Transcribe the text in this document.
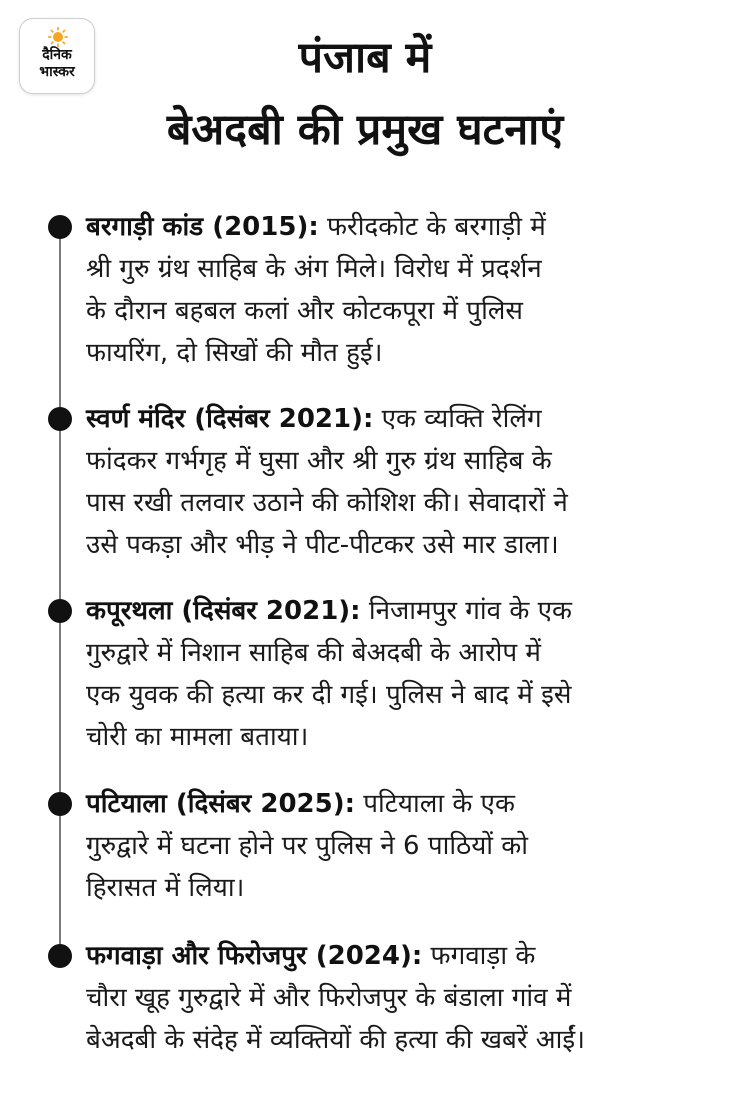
दैनिक
भास्कर	पंजाब में
बेअदबी की प्रमुख घटनाएं
बरगाड़ी कांड (2015): फरीदकोट के बरगाड़ी में
श्री गुरु ग्रंथ साहिब के अंग मिले। विरोध में प्रदर्शन
के दौरान बहबल कलां और कोटकपूरा में पुलिस
फायरिंग, दो सिखों की मौत हुई।
स्वर्ण मंदिर (दिसंबर 2021): एक व्यक्ति रेलिंग
फांदकर गर्भगृह में घुसा और श्री गुरु ग्रंथ साहिब के
पास रखी तलवार उठाने की कोशिश की। सेवादारों ने
उसे पकड़ा और भीड़ ने पीट-पीटकर उसे मार डाला।
कपूरथला (दिसंबर 2021): निजामपुर गांव के एक
गुरुद्वारे में निशान साहिब की बेअदबी के आरोप में
एक युवक की हत्या कर दी गई। पुलिस ने बाद में इसे
चोरी का मामला बताया।
पटियाला (दिसंबर 2025): पटियाला के एक
गुरुद्वारे में घटना होने पर पुलिस ने 6 पाठियों को
हिरासत में लिया।
फगवाड़ा और फिरोजपुर (2024): फगवाड़ा के
चौरा खूह गुरुद्वारे में और फिरोजपुर के बंडाला गांव में
बेअदबी के संदेह में व्यक्तियों की हत्या की खबरें आईं।
